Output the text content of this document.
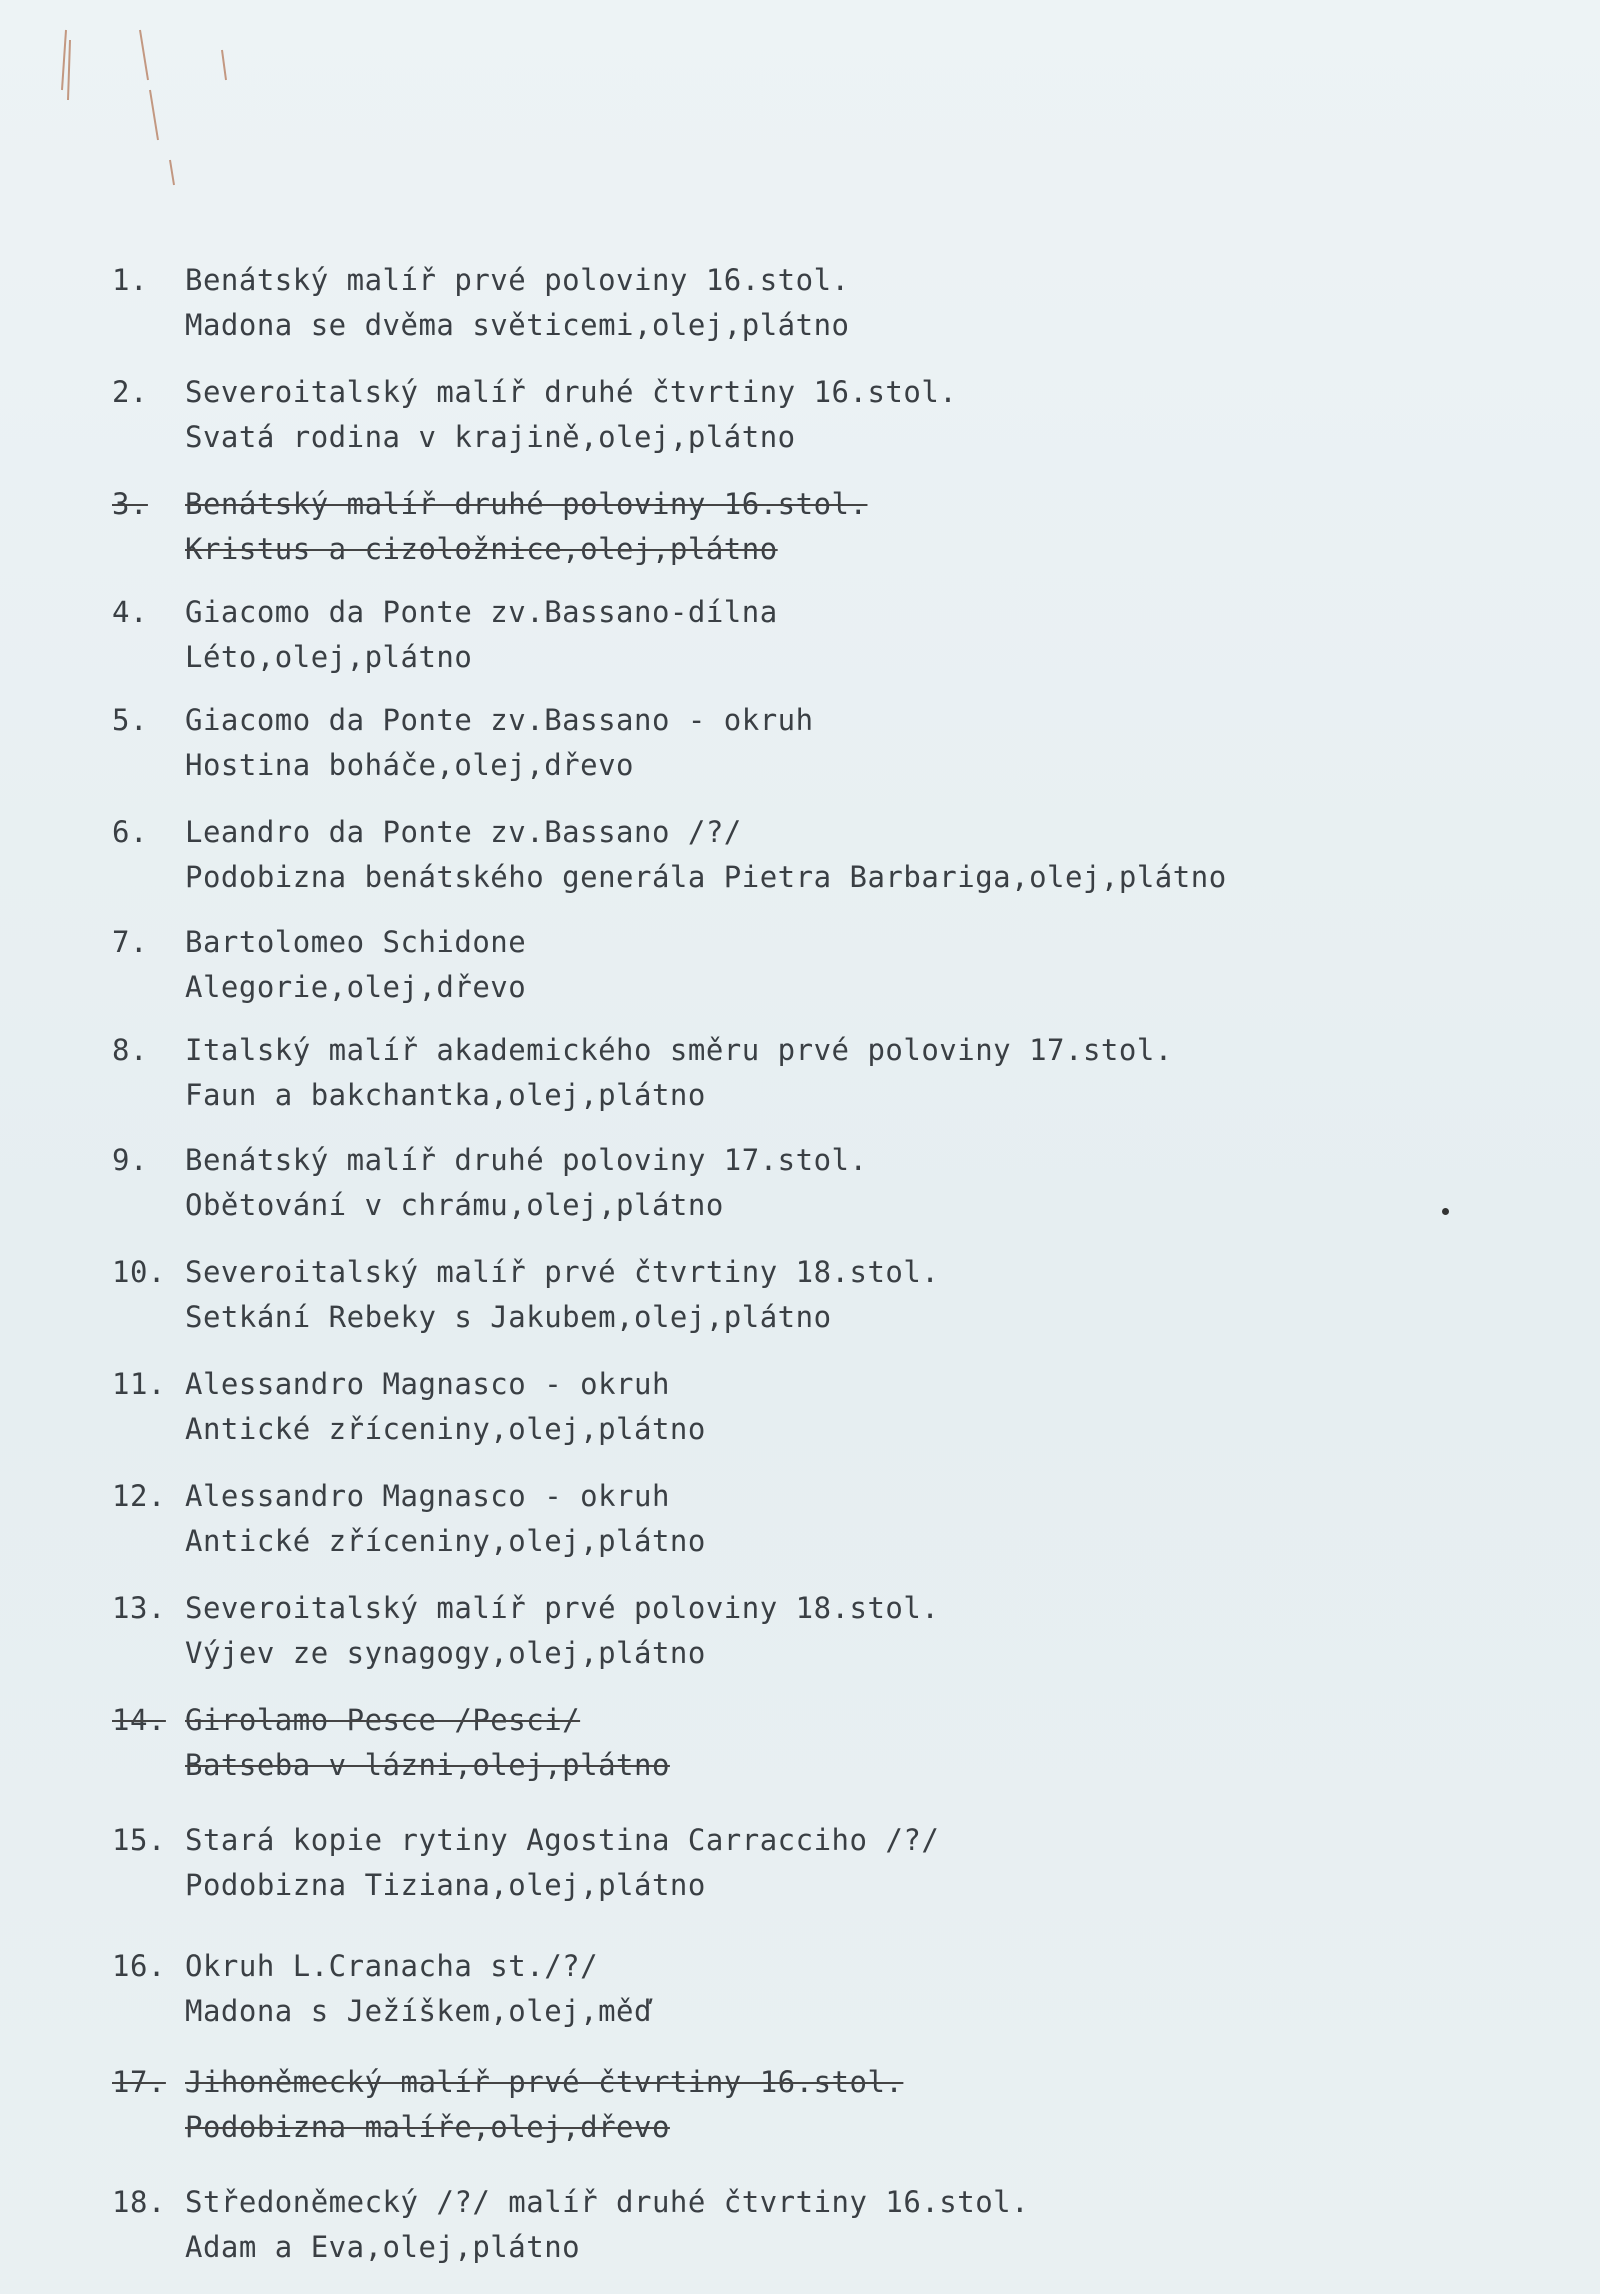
1.	Benátský malíř prvé poloviny 16.stol.
Madona se dvěma světicemi,olej,plátno
2.	Severoitalský malíř druhé čtvrtiny 16.stol.
Svatá rodina v krajině,olej,plátno
3.	Benátský malíř druhé poloviny 16.stol.
Kristus a cizoložnice,olej,plátno
4.	Giacomo da Ponte zv.Bassano-dílna
Léto,olej,plátno
5.	Giacomo da Ponte zv.Bassano - okruh
Hostina boháče,olej,dřevo
6.	Leandro da Ponte zv.Bassano /?/
Podobizna benátského generála Pietra Barbariga,olej,plátno
7.	Bartolomeo Schidone
Alegorie,olej,dřevo
8.	Italský malíř akademického směru prvé poloviny 17.stol.
Faun a bakchantka,olej,plátno
9.	Benátský malíř druhé poloviny 17.stol.
Obětování v chrámu,olej,plátno
10. Severoitalský malíř prvé čtvrtiny 18.stol.
Setkání Rebeky s Jakubem,olej,plátno
11. Alessandro Magnasco - okruh
Antické zříceniny,olej,plátno
12. Alessandro Magnasco - okruh
Antické zříceniny,olej,plátno
13. Severoitalský malíř prvé poloviny 18.stol.
Výjev ze synagogy,olej,plátno
14. Girolamo Pesce /Pesci/
Batseba v lázni,olej,plátno
15. Stará kopie rytiny Agostina Carracciho /?/
Podobizna Tiziana,olej,plátno
16. Okruh L.Cranacha st./?/
Madona s Ježíškem,olej,měď
17. Jihoněmecký malíř prvé čtvrtiny 16.stol.
Podobizna malíře,olej,dřevo
18. Středoněmecký /?/ malíř druhé čtvrtiny 16.stol.
Adam a Eva,olej,plátno
